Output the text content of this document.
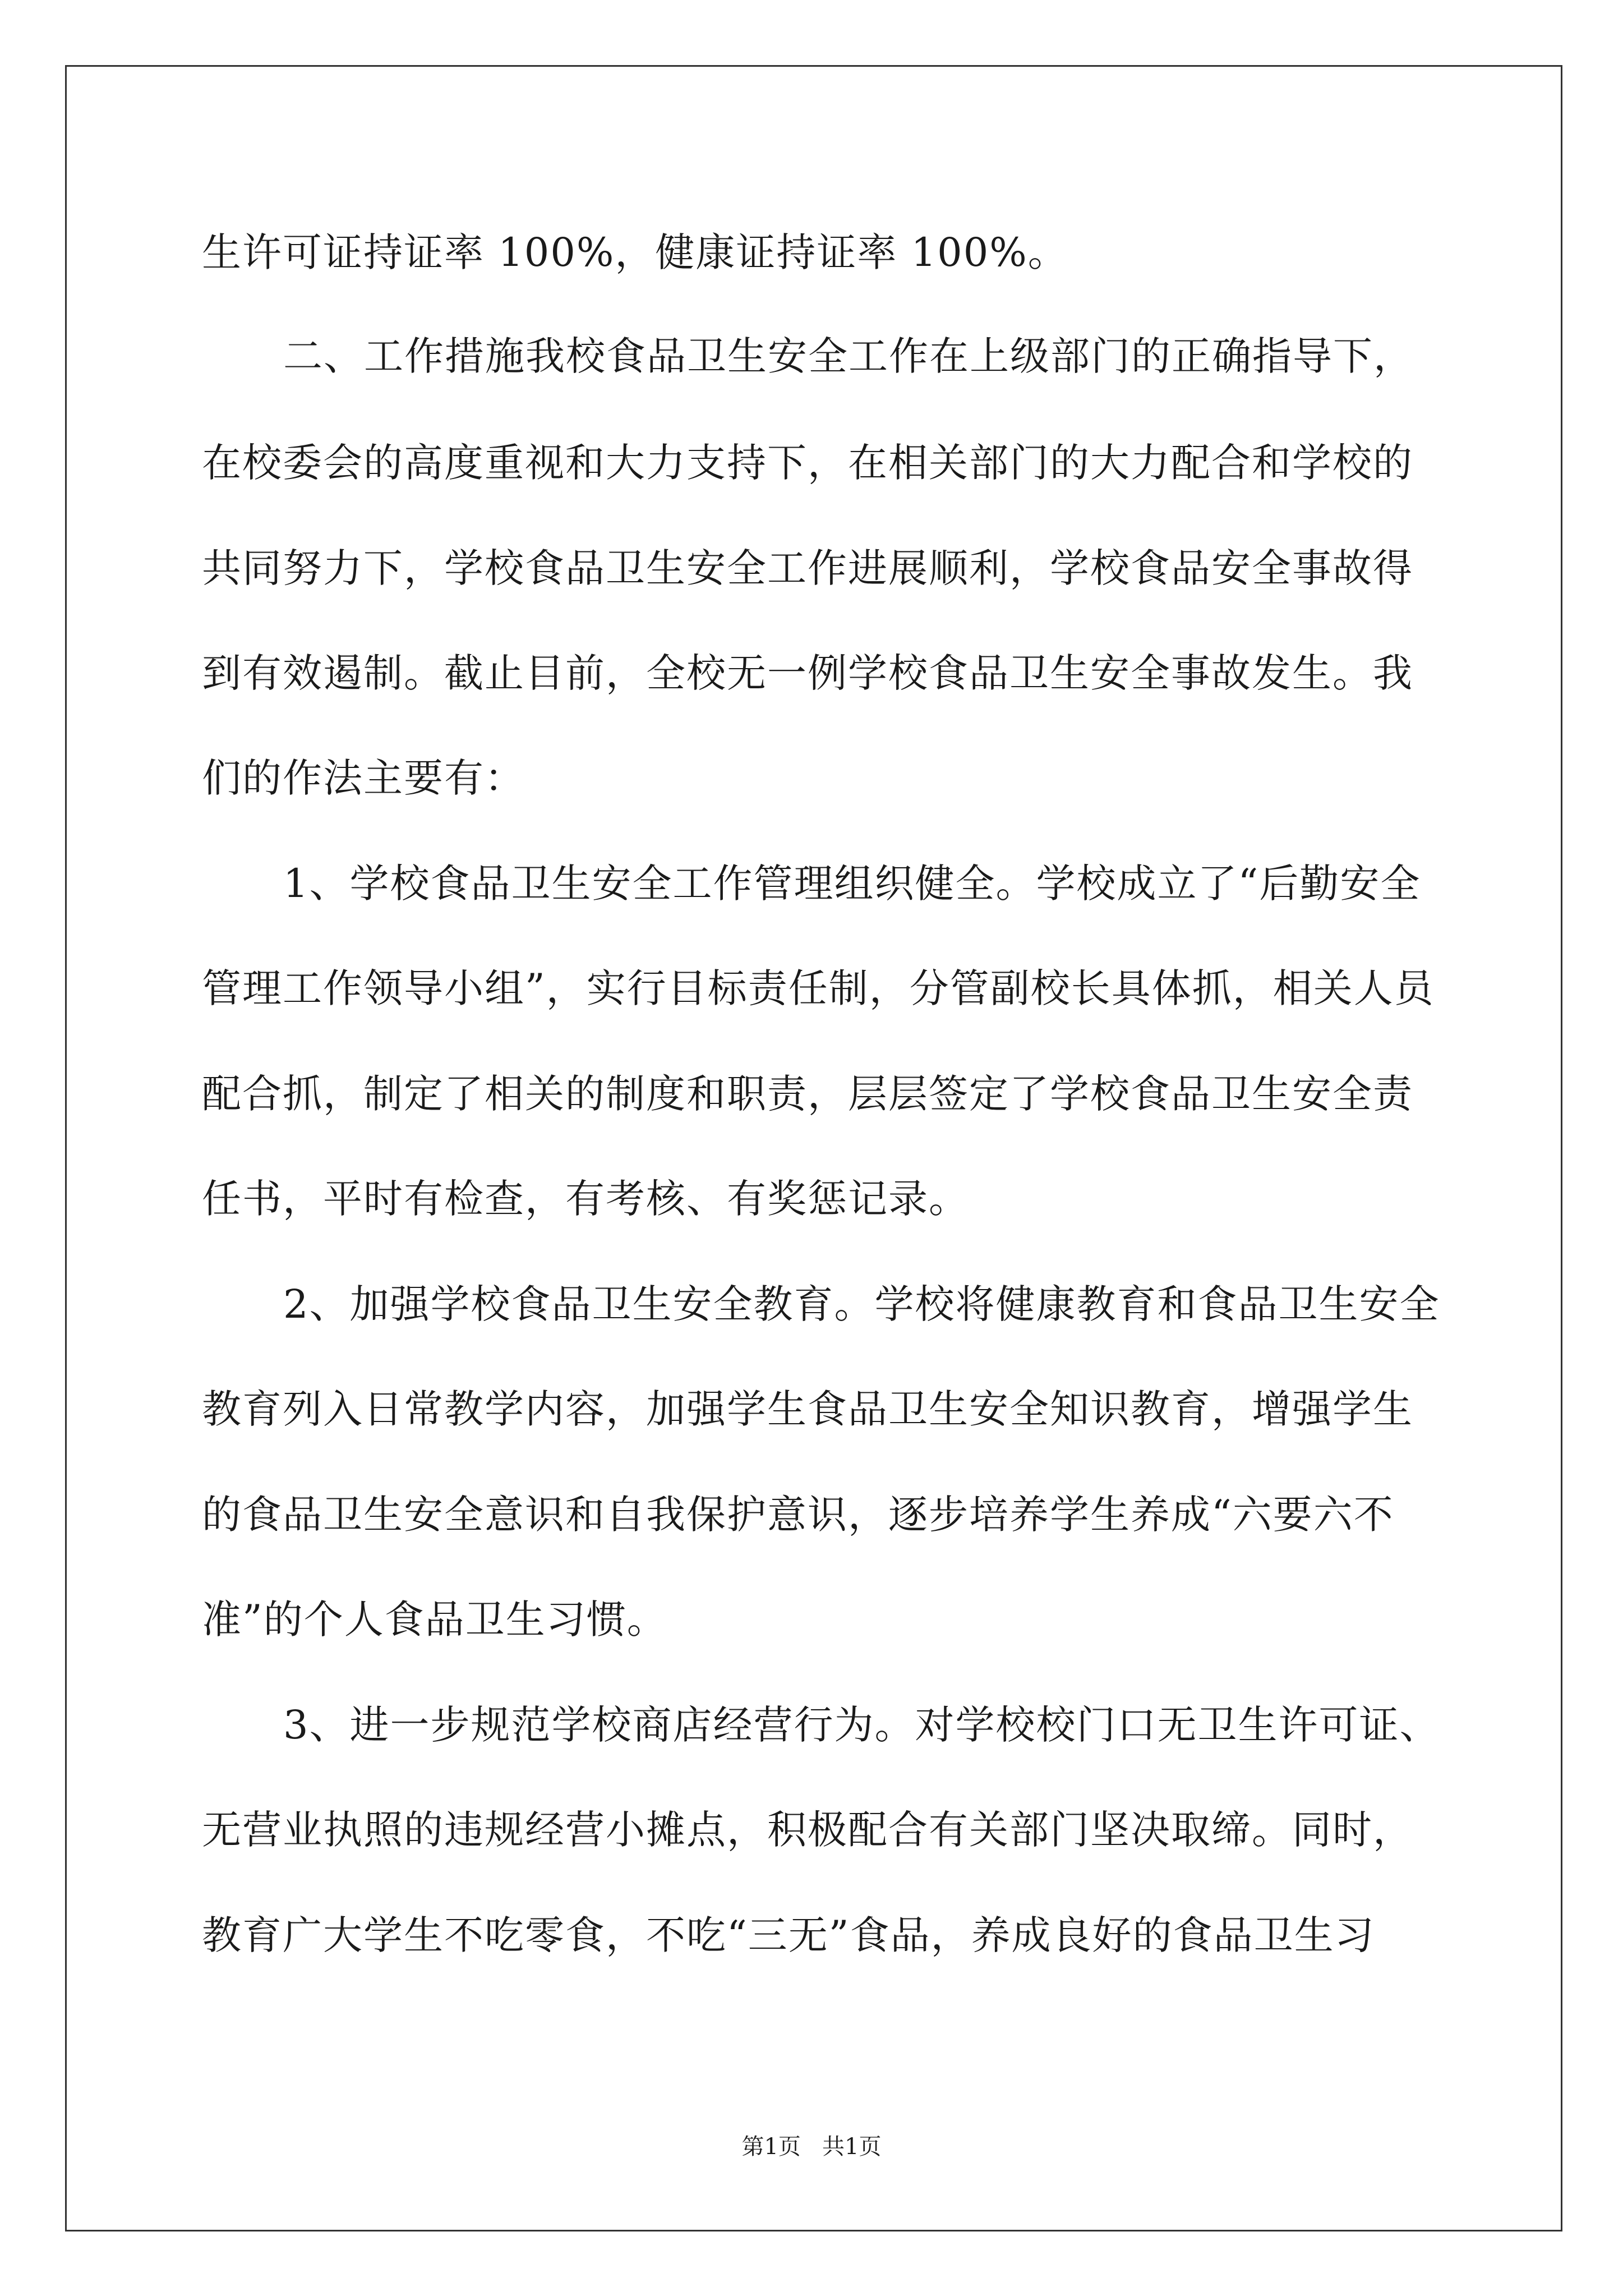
生许可证持证率 100%，健康证持证率 100%。
二、工作措施我校食品卫生安全工作在上级部门的正确指导下，
在校委会的高度重视和大力支持下，在相关部门的大力配合和学校的
共同努力下，学校食品卫生安全工作进展顺利，学校食品安全事故得
到有效遏制。截止目前，全校无一例学校食品卫生安全事故发生。我
们的作法主要有：
1、学校食品卫生安全工作管理组织健全。学校成立了“后勤安全
管理工作领导小组”，实行目标责任制，分管副校长具体抓，相关人员
配合抓，制定了相关的制度和职责，层层签定了学校食品卫生安全责
任书，平时有检查，有考核、有奖惩记录。
2、加强学校食品卫生安全教育。学校将健康教育和食品卫生安全
教育列入日常教学内容，加强学生食品卫生安全知识教育，增强学生
的食品卫生安全意识和自我保护意识，逐步培养学生养成“六要六不
准”的个人食品卫生习惯。
3、进一步规范学校商店经营行为。对学校校门口无卫生许可证、
无营业执照的违规经营小摊点，积极配合有关部门坚决取缔。同时，
教育广大学生不吃零食，不吃“三无”食品，养成良好的食品卫生习
第1页   共1页
